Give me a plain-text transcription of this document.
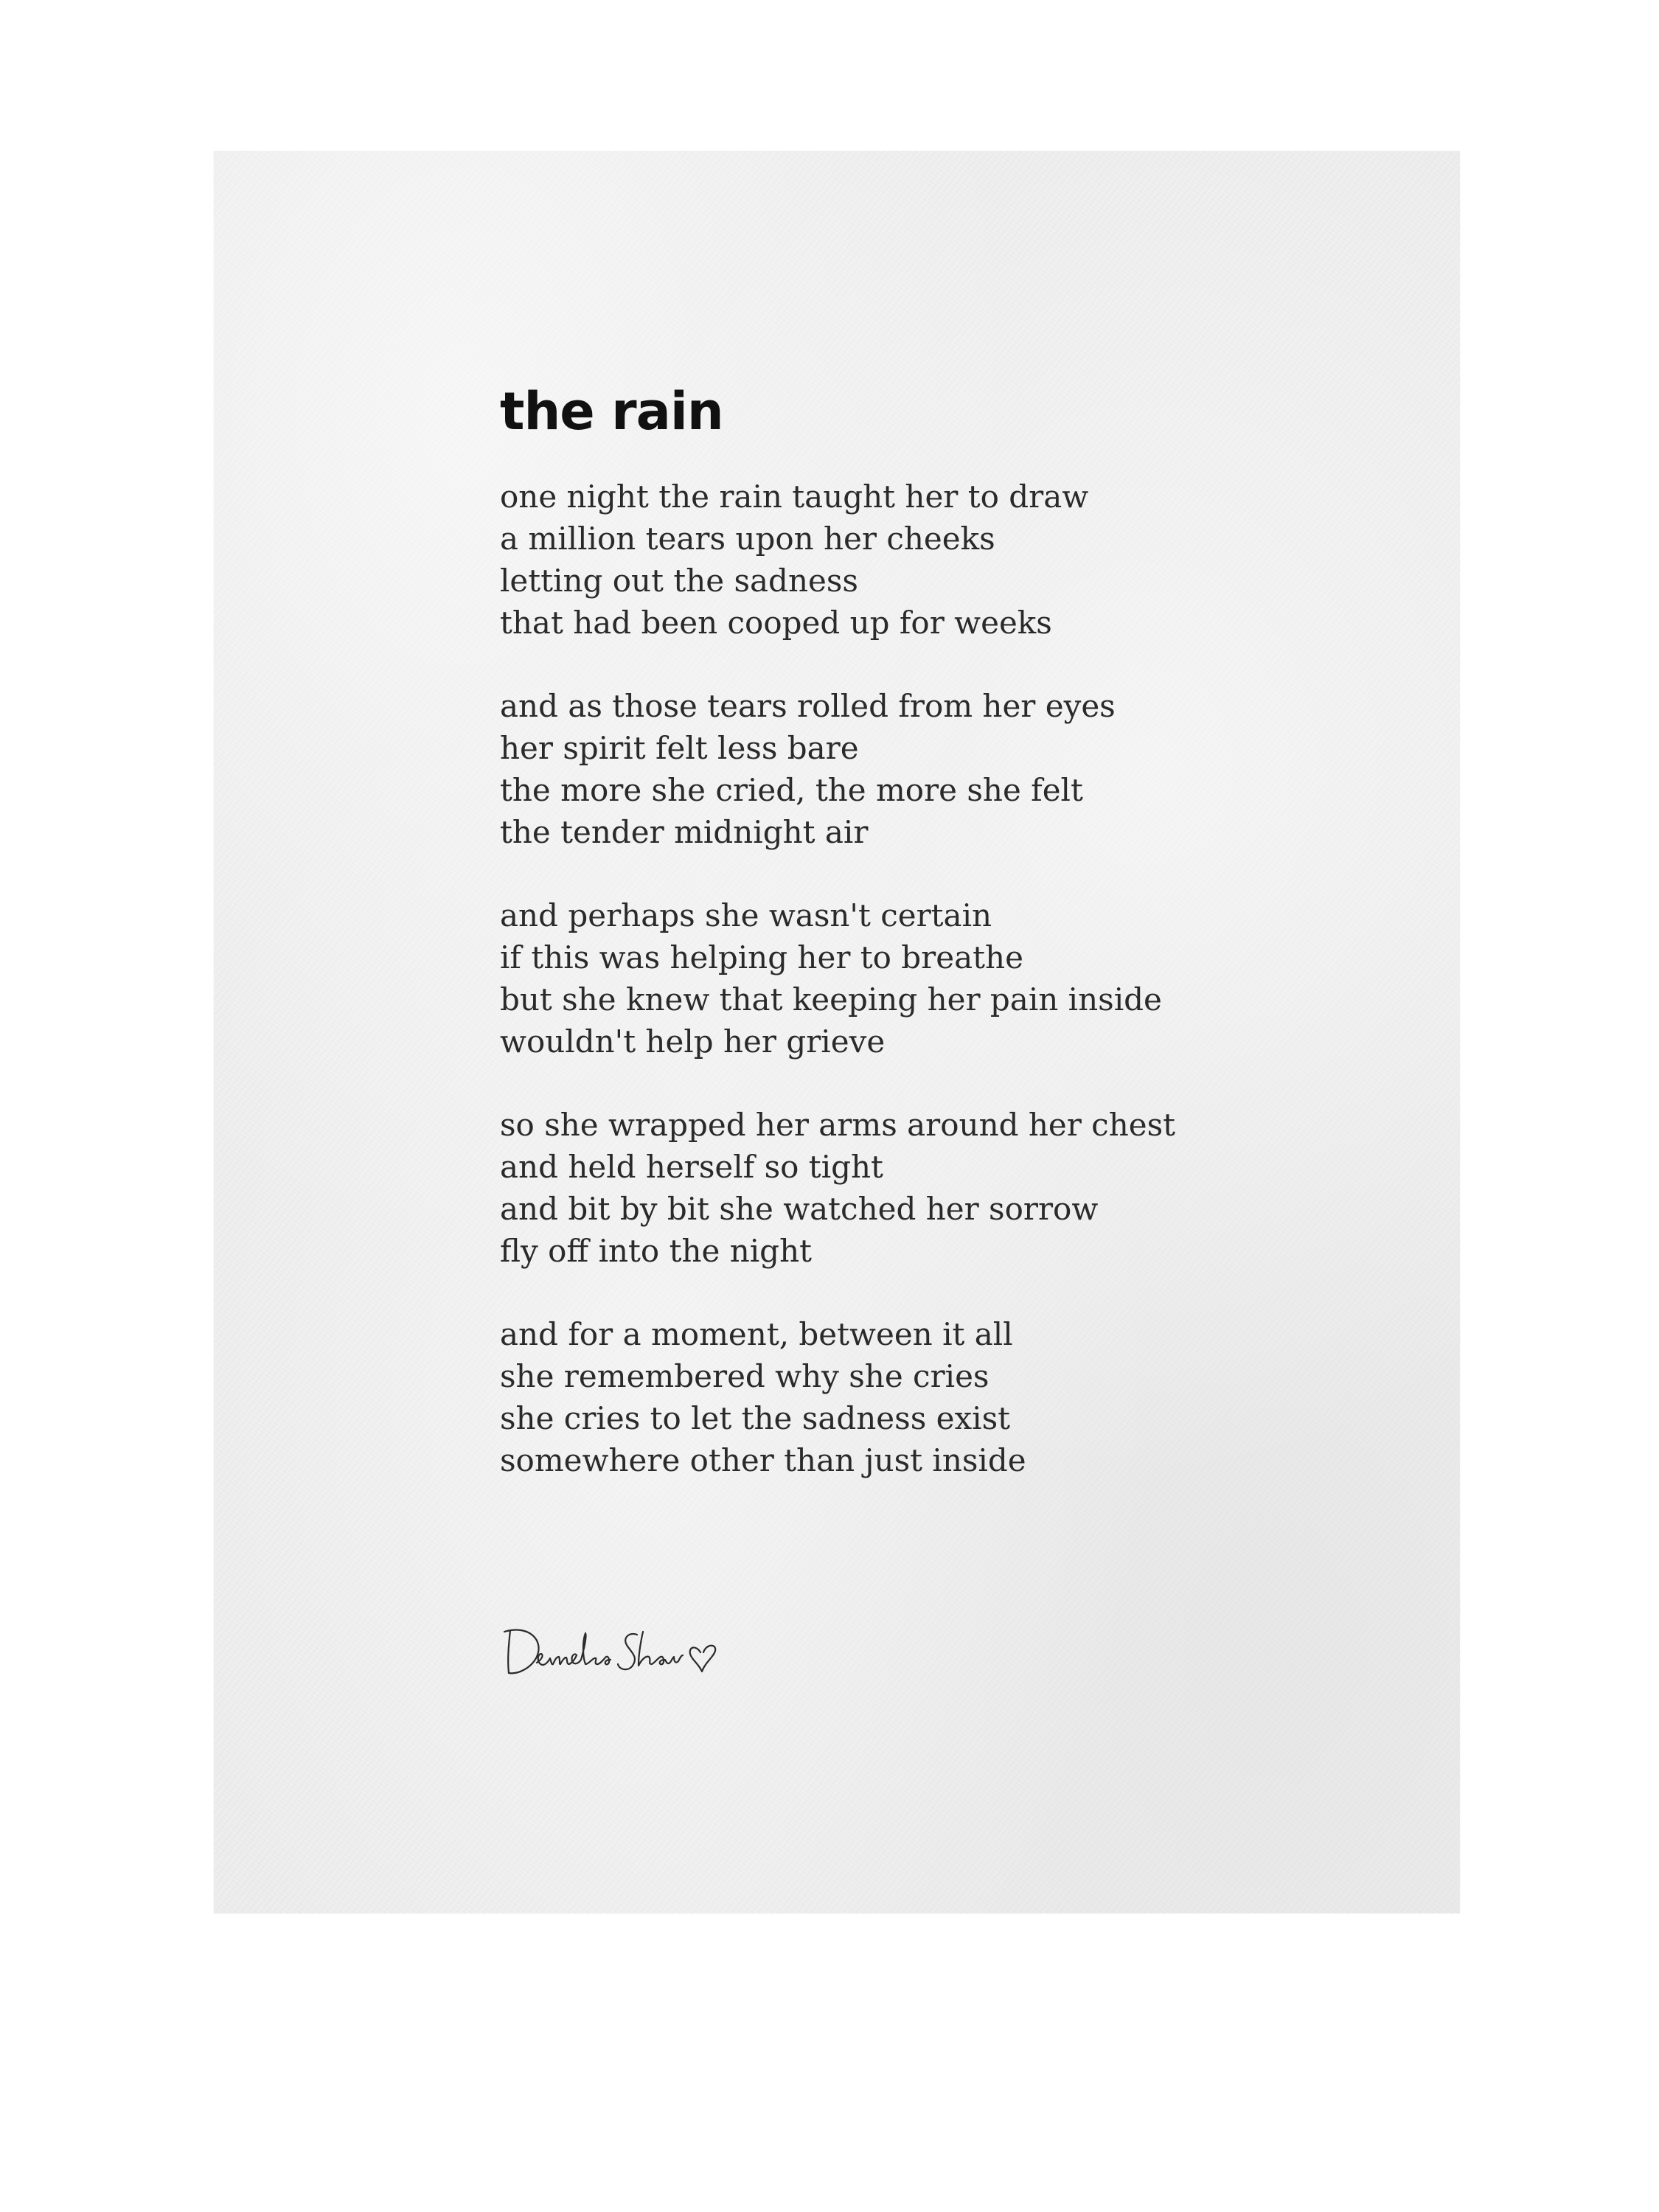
the rain
one night the rain taught her to draw
a million tears upon her cheeks
letting out the sadness
that had been cooped up for weeks
and as those tears rolled from her eyes
her spirit felt less bare
the more she cried, the more she felt
the tender midnight air
and perhaps she wasn't certain
if this was helping her to breathe
but she knew that keeping her pain inside
wouldn't help her grieve
so she wrapped her arms around her chest
and held herself so tight
and bit by bit she watched her sorrow
fly off into the night
and for a moment, between it all
she remembered why she cries
she cries to let the sadness exist
somewhere other than just inside
